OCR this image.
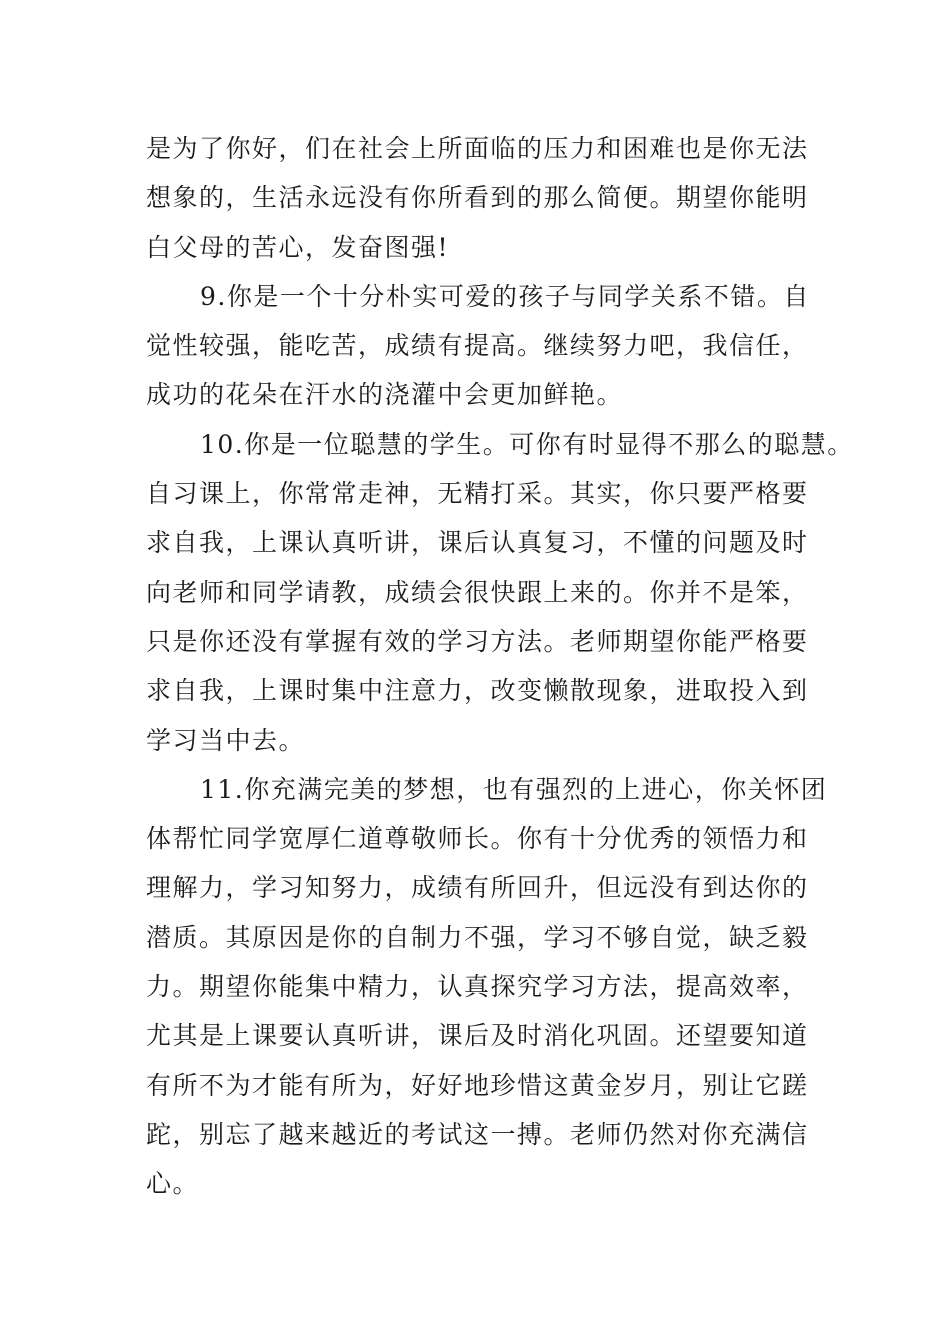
是为了你好，们在社会上所面临的压力和困难也是你无法
想象的，生活永远没有你所看到的那么简便。期望你能明
白父母的苦心，发奋图强!
9.你是一个十分朴实可爱的孩子与同学关系不错。自
觉性较强，能吃苦，成绩有提高。继续努力吧，我信任，
成功的花朵在汗水的浇灌中会更加鲜艳。
10.你是一位聪慧的学生。可你有时显得不那么的聪慧。
自习课上，你常常走神，无精打采。其实，你只要严格要
求自我，上课认真听讲，课后认真复习，不懂的问题及时
向老师和同学请教，成绩会很快跟上来的。你并不是笨，
只是你还没有掌握有效的学习方法。老师期望你能严格要
求自我，上课时集中注意力，改变懒散现象，进取投入到
学习当中去。
11.你充满完美的梦想，也有强烈的上进心，你关怀团
体帮忙同学宽厚仁道尊敬师长。你有十分优秀的领悟力和
理解力，学习知努力，成绩有所回升，但远没有到达你的
潜质。其原因是你的自制力不强，学习不够自觉，缺乏毅
力。期望你能集中精力，认真探究学习方法，提高效率，
尤其是上课要认真听讲，课后及时消化巩固。还望要知道
有所不为才能有所为，好好地珍惜这黄金岁月，别让它蹉
跎，别忘了越来越近的考试这一搏。老师仍然对你充满信
心。
